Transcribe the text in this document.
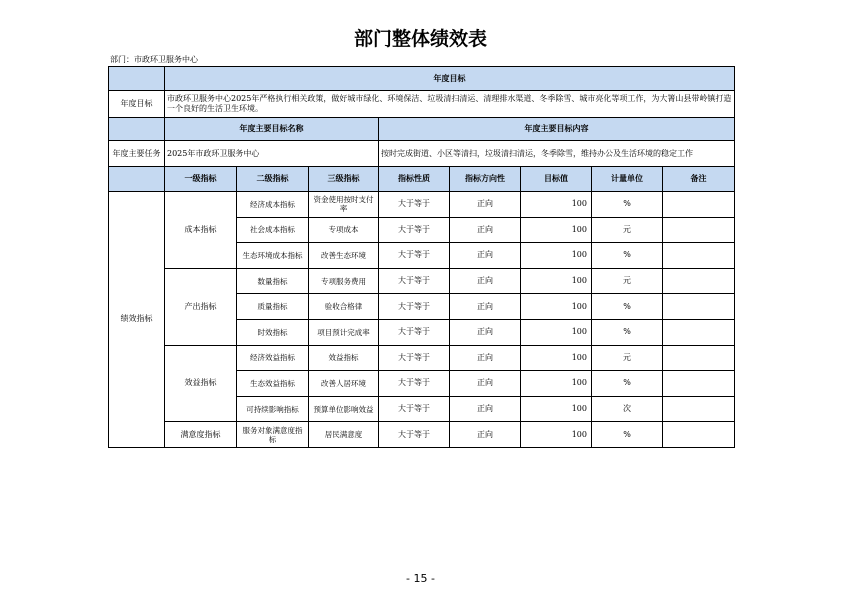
部门整体绩效表
部门：市政环卫服务中心
	年度目标							
年度目标	市政环卫服务中心2025年严格执行相关政策，做好城市绿化、环境保洁、垃圾清扫清运、清理排水渠道、冬季除雪、城市亮化等项工作，为大箐山县带岭镇打造一个良好的生活卫生环境。							
	年度主要目标名称			年度主要目标内容				
年度主要任务	2025年市政环卫服务中心			按时完成街道、小区等清扫，垃圾清扫清运，冬季除雪，维持办公及生活环境的稳定工作				
	一级指标	二级指标	三级指标	指标性质	指标方向性	目标值	计量单位	备注
绩效指标	成本指标	经济成本指标	资金使用按时支付率	大于等于	正向	100	%	
		社会成本指标	专项成本	大于等于	正向	100	元	
		生态环境成本指标	改善生态环境	大于等于	正向	100	%	
	产出指标	数量指标	专项服务费用	大于等于	正向	100	元	
		质量指标	验收合格律	大于等于	正向	100	%	
		时效指标	项目预计完成率	大于等于	正向	100	%	
	效益指标	经济效益指标	效益指标	大于等于	正向	100	元	
		生态效益指标	改善人居环境	大于等于	正向	100	%	
		可持续影响指标	预算单位影响效益	大于等于	正向	100	次	
	满意度指标	服务对象满意度指标	居民满意度	大于等于	正向	100	%	
- 15 -
